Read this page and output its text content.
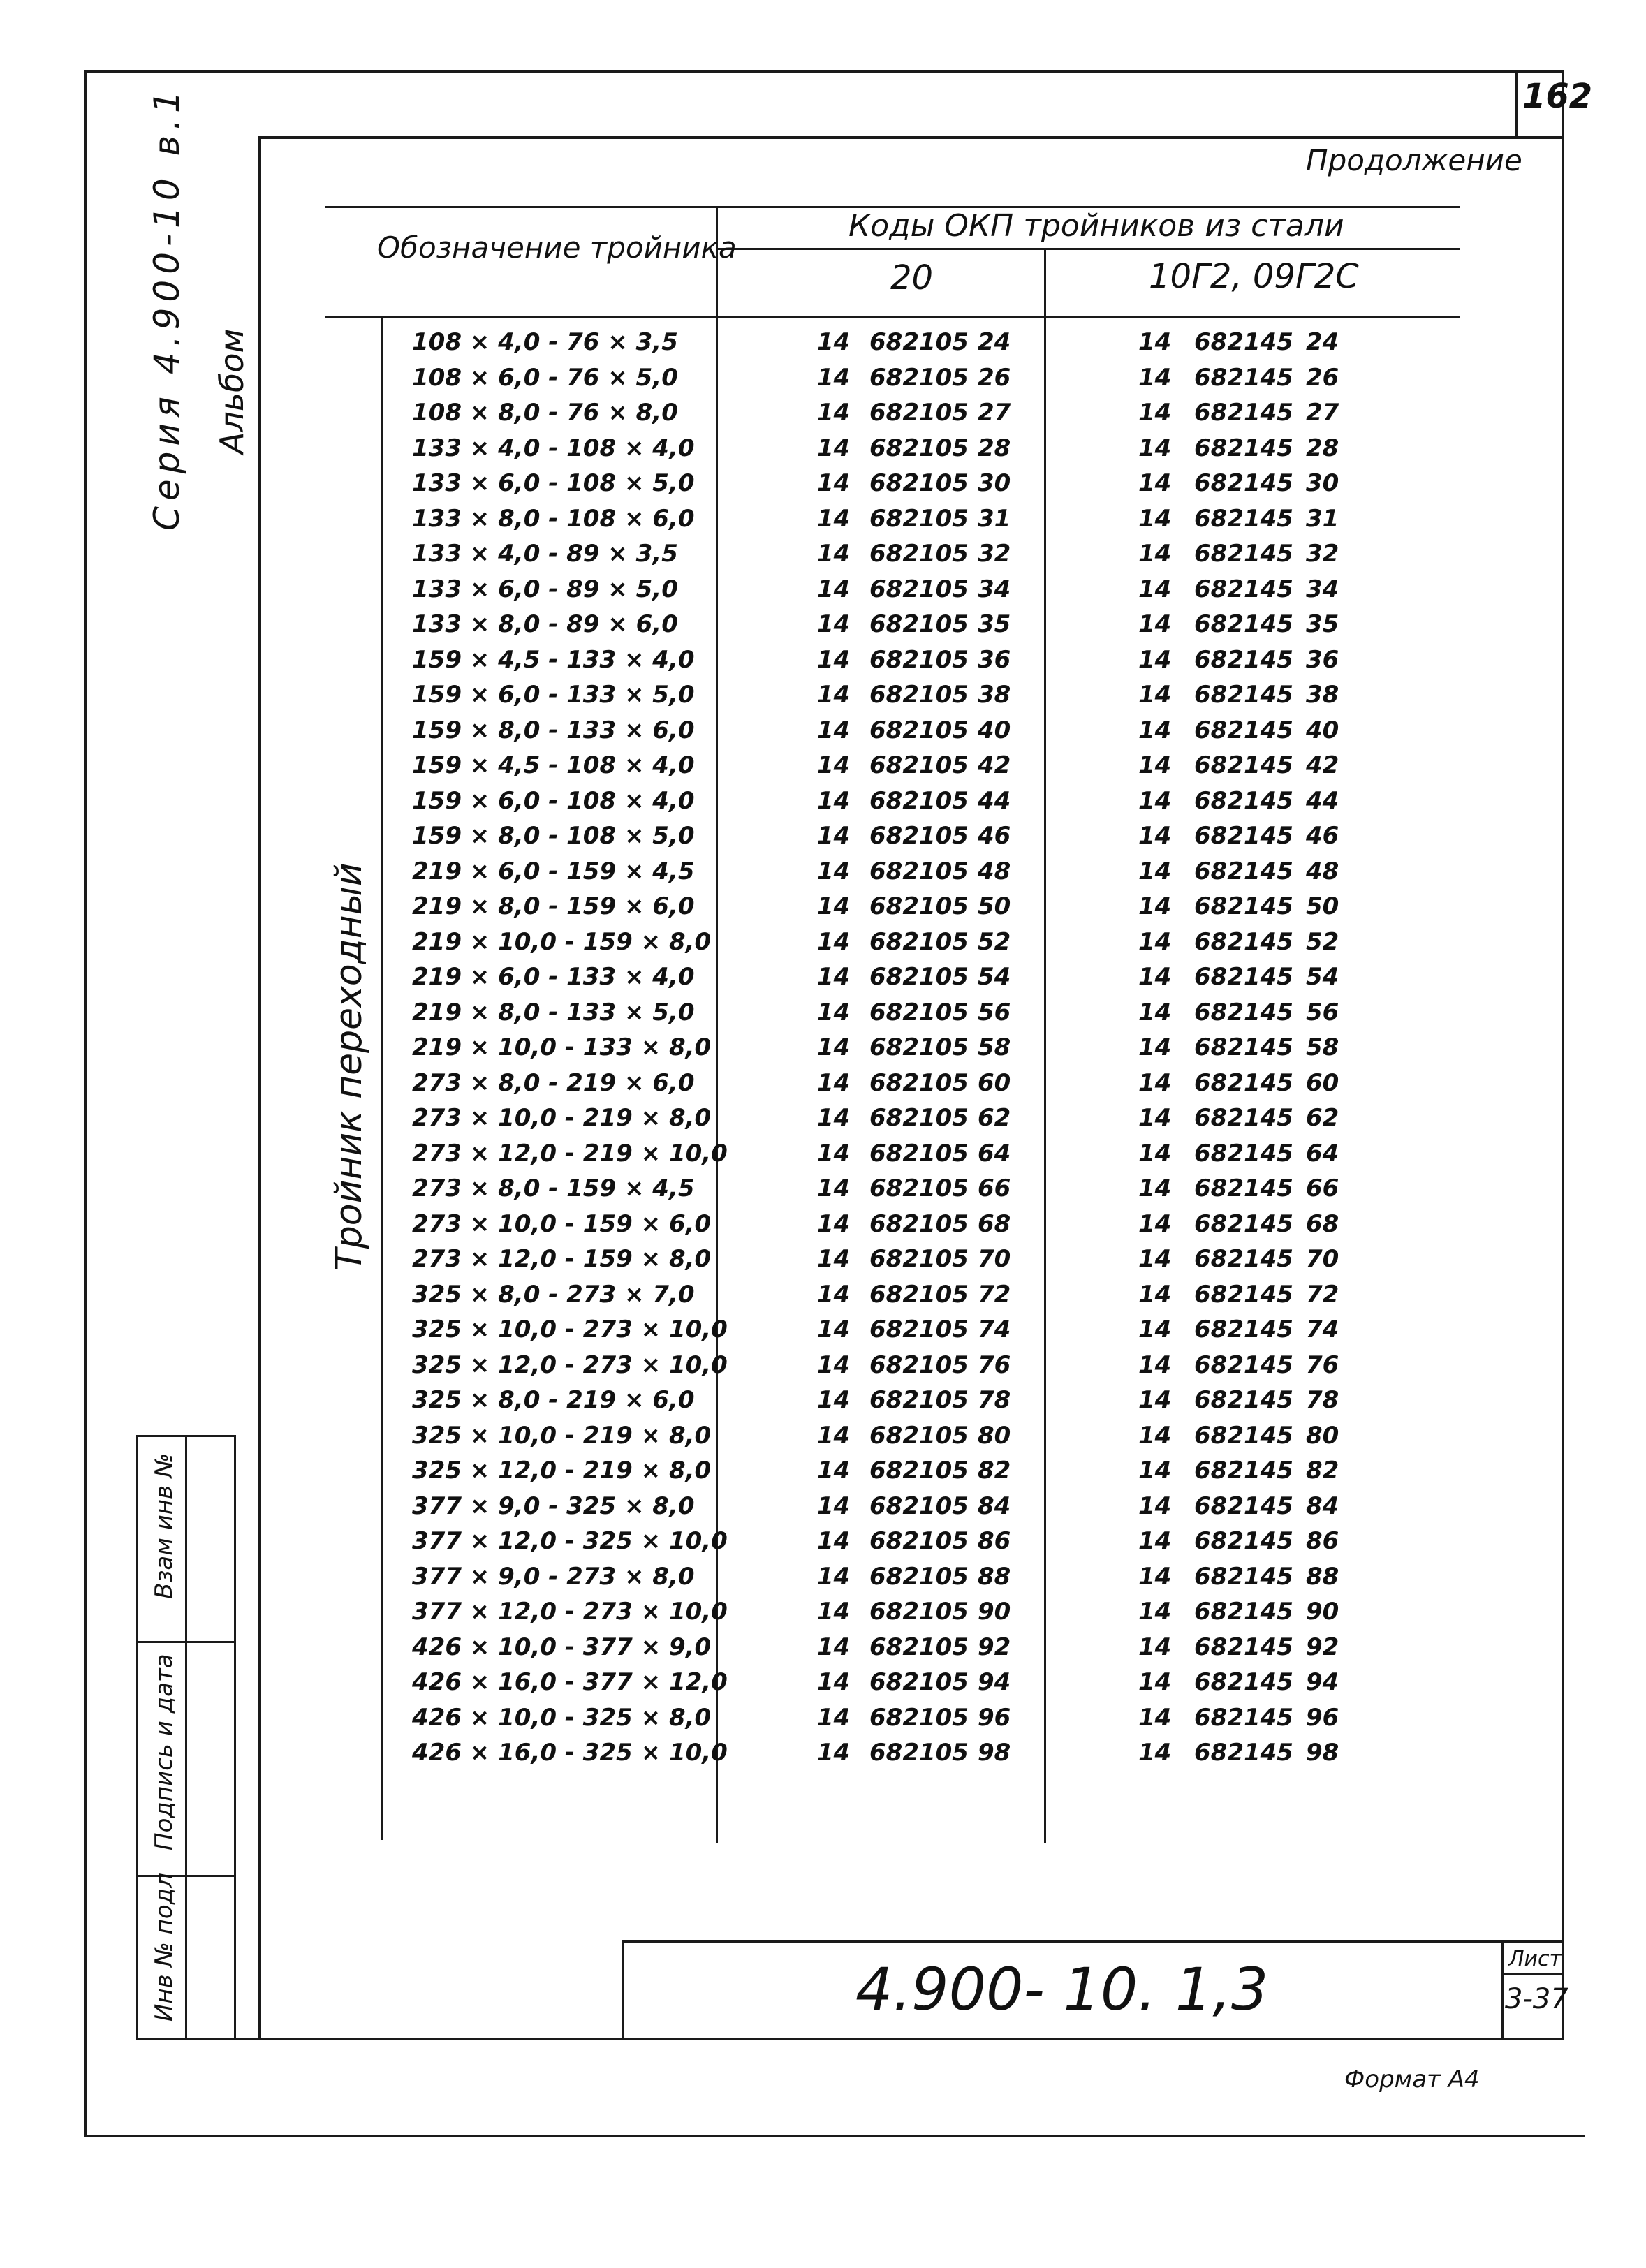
162
Серия 4.900-10 в.1 Альбом
Продолжение
Обозначение тройника
Коды ОКП тройников из стали
20	10Г2, 09Г2С
Тройник переходный
108 × 4,0 - 76 × 3,5	14 682105 24	14 682145 24
108 × 6,0 - 76 × 5,0	14 682105 26	14 682145 26
108 × 8,0 - 76 × 8,0	14 682105 27	14 682145 27
133 × 4,0 - 108 × 4,0	14 682105 28	14 682145 28
133 × 6,0 - 108 × 5,0	14 682105 30	14 682145 30
133 × 8,0 - 108 × 6,0	14 682105 31	14 682145 31
133 × 4,0 - 89 × 3,5	14 682105 32	14 682145 32
133 × 6,0 - 89 × 5,0	14 682105 34	14 682145 34
133 × 8,0 - 89 × 6,0	14 682105 35	14 682145 35
159 × 4,5 - 133 × 4,0	14 682105 36	14 682145 36
159 × 6,0 - 133 × 5,0	14 682105 38	14 682145 38
159 × 8,0 - 133 × 6,0	14 682105 40	14 682145 40
159 × 4,5 - 108 × 4,0	14 682105 42	14 682145 42
159 × 6,0 - 108 × 4,0	14 682105 44	14 682145 44
159 × 8,0 - 108 × 5,0	14 682105 46	14 682145 46
219 × 6,0 - 159 × 4,5	14 682105 48	14 682145 48
219 × 8,0 - 159 × 6,0	14 682105 50	14 682145 50
219 × 10,0 - 159 × 8,0	14 682105 52	14 682145 52
219 × 6,0 - 133 × 4,0	14 682105 54	14 682145 54
219 × 8,0 - 133 × 5,0	14 682105 56	14 682145 56
219 × 10,0 - 133 × 8,0	14 682105 58	14 682145 58
273 × 8,0 - 219 × 6,0	14 682105 60	14 682145 60
273 × 10,0 - 219 × 8,0	14 682105 62	14 682145 62
273 × 12,0 - 219 × 10,0	14 682105 64	14 682145 64
273 × 8,0 - 159 × 4,5	14 682105 66	14 682145 66
273 × 10,0 - 159 × 6,0	14 682105 68	14 682145 68
273 × 12,0 - 159 × 8,0	14 682105 70	14 682145 70
325 × 8,0 - 273 × 7,0	14 682105 72	14 682145 72
325 × 10,0 - 273 × 10,0	14 682105 74	14 682145 74
325 × 12,0 - 273 × 10,0	14 682105 76	14 682145 76
325 × 8,0 - 219 × 6,0	14 682105 78	14 682145 78
325 × 10,0 - 219 × 8,0	14 682105 80	14 682145 80
325 × 12,0 - 219 × 8,0	14 682105 82	14 682145 82
377 × 9,0 - 325 × 8,0	14 682105 84	14 682145 84
377 × 12,0 - 325 × 10,0	14 682105 86	14 682145 86
377 × 9,0 - 273 × 8,0	14 682105 88	14 682145 88
377 × 12,0 - 273 × 10,0	14 682105 90	14 682145 90
426 × 10,0 - 377 × 9,0	14 682105 92	14 682145 92
426 × 16,0 - 377 × 12,0	14 682105 94	14 682145 94
426 × 10,0 - 325 × 8,0	14 682105 96	14 682145 96
426 × 16,0 - 325 × 10,0	14 682105 98	14 682145 98
Взам инв №
Подпись и дата
Инв № подл	4.900- 10. 1,3	Лист
3-37
Формат А4
